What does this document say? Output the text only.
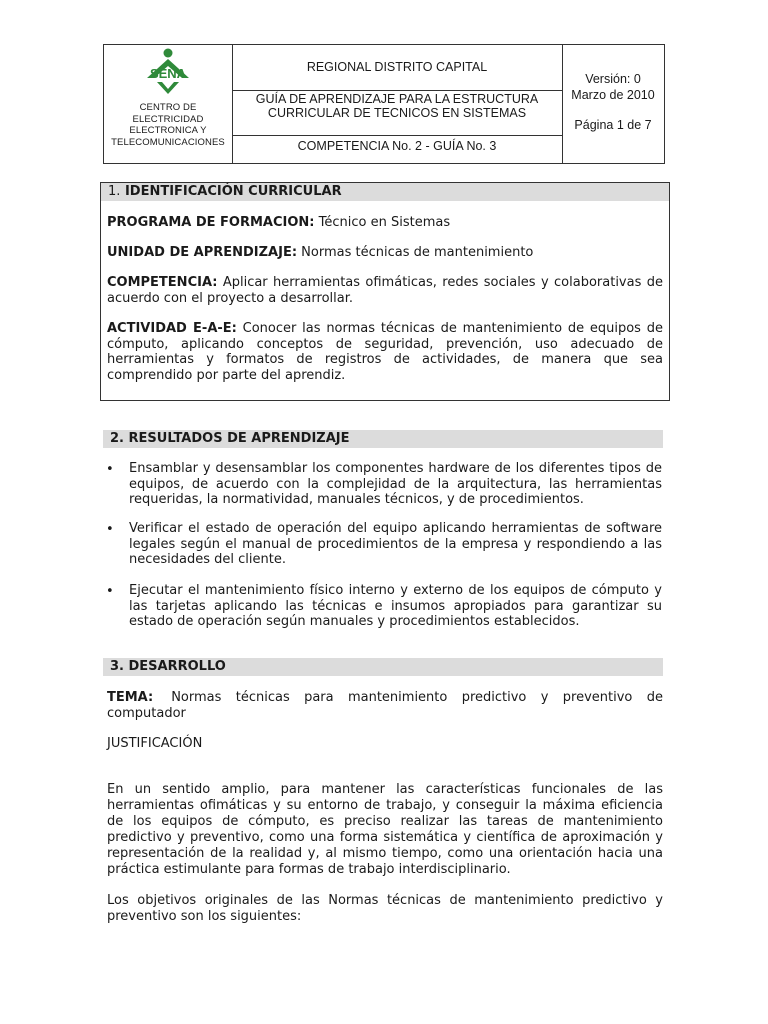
SENA
CENTRO DE
ELECTRICIDAD
ELECTRONICA Y
TELECOMUNICACIONES
REGIONAL DISTRITO CAPITAL
GUÍA DE APRENDIZAJE PARA LA ESTRUCTURA
CURRICULAR DE TECNICOS EN SISTEMAS
COMPETENCIA No. 2 - GUÍA No. 3
Versión: 0
Marzo de 2010
Página 1 de 7
1. IDENTIFICACIÓN CURRICULAR
PROGRAMA DE FORMACION: Técnico en Sistemas
UNIDAD DE APRENDIZAJE: Normas técnicas de mantenimiento
COMPETENCIA: Aplicar herramientas ofimáticas, redes sociales y colaborativas de acuerdo con el proyecto a desarrollar.
ACTIVIDAD E-A-E: Conocer las normas técnicas de mantenimiento de equipos de cómputo, aplicando conceptos de seguridad, prevención, uso adecuado de herramientas y formatos de registros de actividades, de manera que sea comprendido por parte del aprendiz.
2. RESULTADOS DE APRENDIZAJE
• Ensamblar y desensamblar los componentes hardware de los diferentes tipos de equipos, de acuerdo con la complejidad de la arquitectura, las herramientas requeridas, la normatividad, manuales técnicos, y de procedimientos.
• Verificar el estado de operación del equipo aplicando herramientas de software legales según el manual de procedimientos de la empresa y respondiendo a las necesidades del cliente.
• Ejecutar el mantenimiento físico interno y externo de los equipos de cómputo y las tarjetas aplicando las técnicas e insumos apropiados para garantizar su estado de operación según manuales y procedimientos establecidos.
3. DESARROLLO
TEMA: Normas técnicas para mantenimiento predictivo y preventivo de computador
JUSTIFICACIÓN
En un sentido amplio, para mantener las características funcionales de las herramientas ofimáticas y su entorno de trabajo, y conseguir la máxima eficiencia de los equipos de cómputo, es preciso realizar las tareas de mantenimiento predictivo y preventivo, como una forma sistemática y científica de aproximación y representación de la realidad y, al mismo tiempo, como una orientación hacia una práctica estimulante para formas de trabajo interdisciplinario.
Los objetivos originales de las Normas técnicas de mantenimiento predictivo y preventivo son los siguientes:
